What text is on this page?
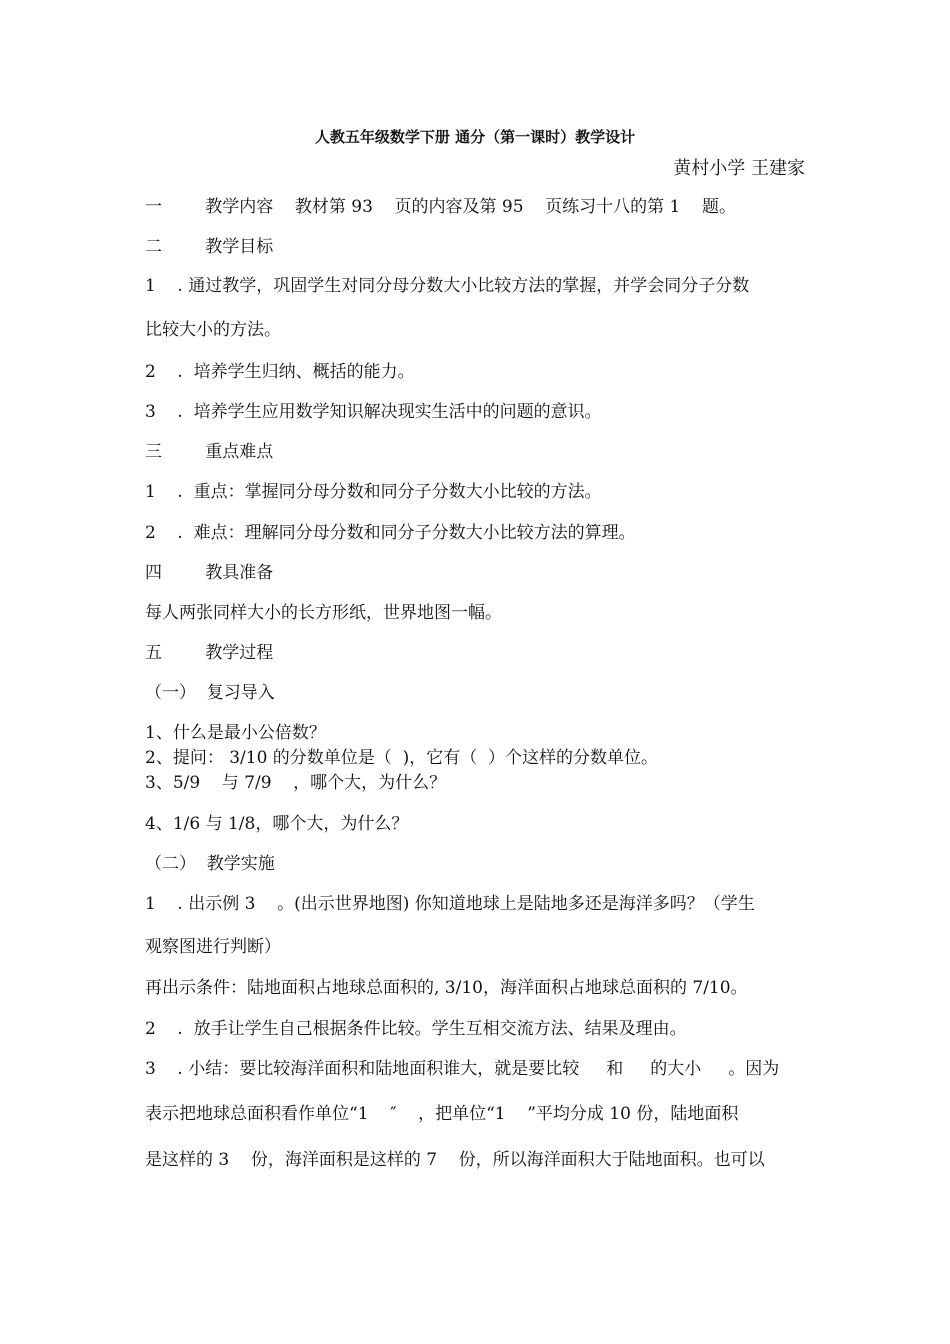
人教五年级数学下册 通分（第一课时）教学设计
黄村小学 王建家
一        教学内容    教材第 93    页的内容及第 95    页练习十八的第 1    题。
二        教学目标
1    . 通过教学，巩固学生对同分母分数大小比较方法的掌握，并学会同分子分数
比较大小的方法。
2    .  培养学生归纳、概括的能力。
3    .  培养学生应用数学知识解决现实生活中的问题的意识。
三        重点难点
1    .  重点：掌握同分母分数和同分子分数大小比较的方法。
2    .  难点：理解同分母分数和同分子分数大小比较方法的算理。
四        教具准备
每人两张同样大小的长方形纸，世界地图一幅。
五        教学过程
（一）  复习导入
1、什么是最小公倍数？
2、提问： 3/10 的分数单位是（  )，它有（  ）个这样的分数单位。
3、5/9    与 7/9    ，哪个大，为什么？
4、1/6 与 1/8，哪个大，为什么？
（二）  教学实施
1    . 出示例 3    。(出示世界地图) 你知道地球上是陆地多还是海洋多吗？（学生
观察图进行判断）
再出示条件：陆地面积占地球总面积的, 3/10，海洋面积占地球总面积的 7/10。
2    .  放手让学生自己根据条件比较。学生互相交流方法、结果及理由。
3    . 小结：要比较海洋面积和陆地面积谁大，就是要比较     和     的大小     。因为
表示把地球总面积看作单位“1    ″    ，把单位“1    ”平均分成 10 份，陆地面积
是这样的 3    份，海洋面积是这样的 7    份，所以海洋面积大于陆地面积。也可以
